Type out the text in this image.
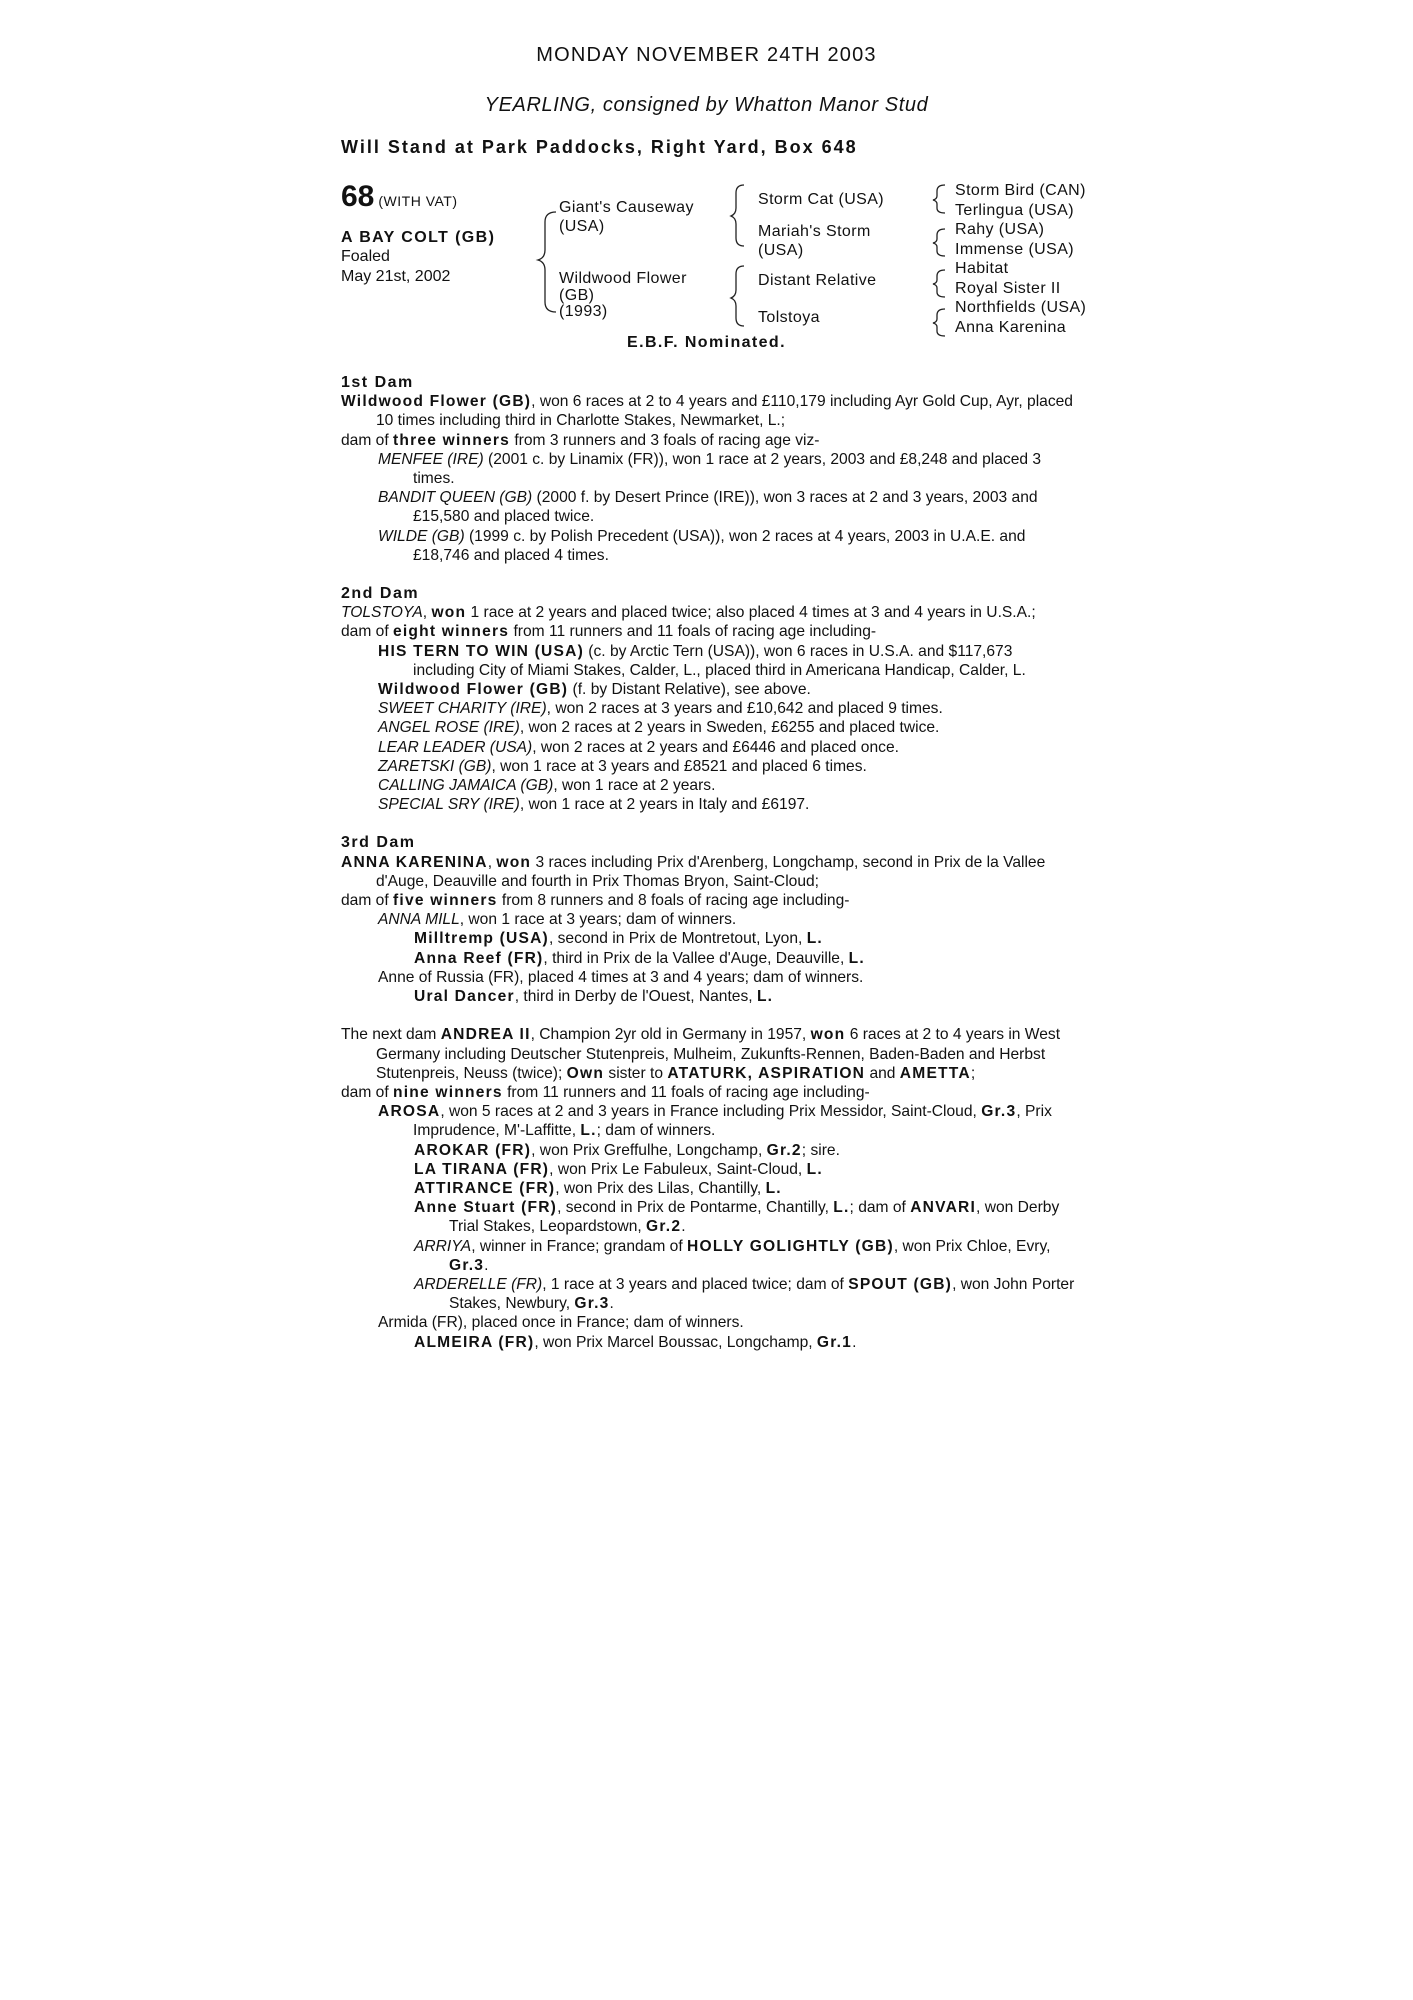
MONDAY NOVEMBER 24TH 2003
YEARLING, consigned by Whatton Manor Stud
Will Stand at Park Paddocks, Right Yard, Box 648
68 (WITH VAT)
A BAY COLT (GB)
Foaled
May 21st, 2002
Giant's Causeway
(USA)
Wildwood Flower
(GB)
(1993)
Storm Cat (USA)
Mariah's Storm
(USA)
Distant Relative
Tolstoya
Storm Bird (CAN)
Terlingua (USA)
Rahy (USA)
Immense (USA)
Habitat
Royal Sister II
Northfields (USA)
Anna Karenina
E.B.F. Nominated.
1st Dam

Wildwood Flower (GB), won 6 races at 2 to 4 years and £110,179 including Ayr Gold Cup, Ayr, placed 10 times including third in Charlotte Stakes, Newmarket, L.;

dam of three winners from 3 runners and 3 foals of racing age viz-

MENFEE (IRE) (2001 c. by Linamix (FR)), won 1 race at 2 years, 2003 and £8,248 and placed 3 times.

BANDIT QUEEN (GB) (2000 f. by Desert Prince (IRE)), won 3 races at 2 and 3 years, 2003 and £15,580 and placed twice.

WILDE (GB) (1999 c. by Polish Precedent (USA)), won 2 races at 4 years, 2003 in U.A.E. and £18,746 and placed 4 times.

2nd Dam

TOLSTOYA, won 1 race at 2 years and placed twice; also placed 4 times at 3 and 4 years in U.S.A.;

dam of eight winners from 11 runners and 11 foals of racing age including-

HIS TERN TO WIN (USA) (c. by Arctic Tern (USA)), won 6 races in U.S.A. and $117,673 including City of Miami Stakes, Calder, L., placed third in Americana Handicap, Calder, L.

Wildwood Flower (GB) (f. by Distant Relative), see above.

SWEET CHARITY (IRE), won 2 races at 3 years and £10,642 and placed 9 times.

ANGEL ROSE (IRE), won 2 races at 2 years in Sweden, £6255 and placed twice.

LEAR LEADER (USA), won 2 races at 2 years and £6446 and placed once.

ZARETSKI (GB), won 1 race at 3 years and £8521 and placed 6 times.

CALLING JAMAICA (GB), won 1 race at 2 years.

SPECIAL SRY (IRE), won 1 race at 2 years in Italy and £6197.

3rd Dam

ANNA KARENINA, won 3 races including Prix d'Arenberg, Longchamp, second in Prix de la Vallee d'Auge, Deauville and fourth in Prix Thomas Bryon, Saint-Cloud;

dam of five winners from 8 runners and 8 foals of racing age including-

ANNA MILL, won 1 race at 3 years; dam of winners.

Milltremp (USA), second in Prix de Montretout, Lyon, L.

Anna Reef (FR), third in Prix de la Vallee d'Auge, Deauville, L.

Anne of Russia (FR), placed 4 times at 3 and 4 years; dam of winners.

Ural Dancer, third in Derby de l'Ouest, Nantes, L.

The next dam ANDREA II, Champion 2yr old in Germany in 1957, won 6 races at 2 to 4 years in West Germany including Deutscher Stutenpreis, Mulheim, Zukunfts-Rennen, Baden-Baden and Herbst Stutenpreis, Neuss (twice); Own sister to ATATURK, ASPIRATION and AMETTA;

dam of nine winners from 11 runners and 11 foals of racing age including-

AROSA, won 5 races at 2 and 3 years in France including Prix Messidor, Saint-Cloud, Gr.3, Prix Imprudence, M'-Laffitte, L.; dam of winners.

AROKAR (FR), won Prix Greffulhe, Longchamp, Gr.2; sire.

LA TIRANA (FR), won Prix Le Fabuleux, Saint-Cloud, L.

ATTIRANCE (FR), won Prix des Lilas, Chantilly, L.

Anne Stuart (FR), second in Prix de Pontarme, Chantilly, L.; dam of ANVARI, won Derby Trial Stakes, Leopardstown, Gr.2.

ARRIYA, winner in France; grandam of HOLLY GOLIGHTLY (GB), won Prix Chloe, Evry, Gr.3.

ARDERELLE (FR), 1 race at 3 years and placed twice; dam of SPOUT (GB), won John Porter Stakes, Newbury, Gr.3.

Armida (FR), placed once in France; dam of winners.

ALMEIRA (FR), won Prix Marcel Boussac, Longchamp, Gr.1.
